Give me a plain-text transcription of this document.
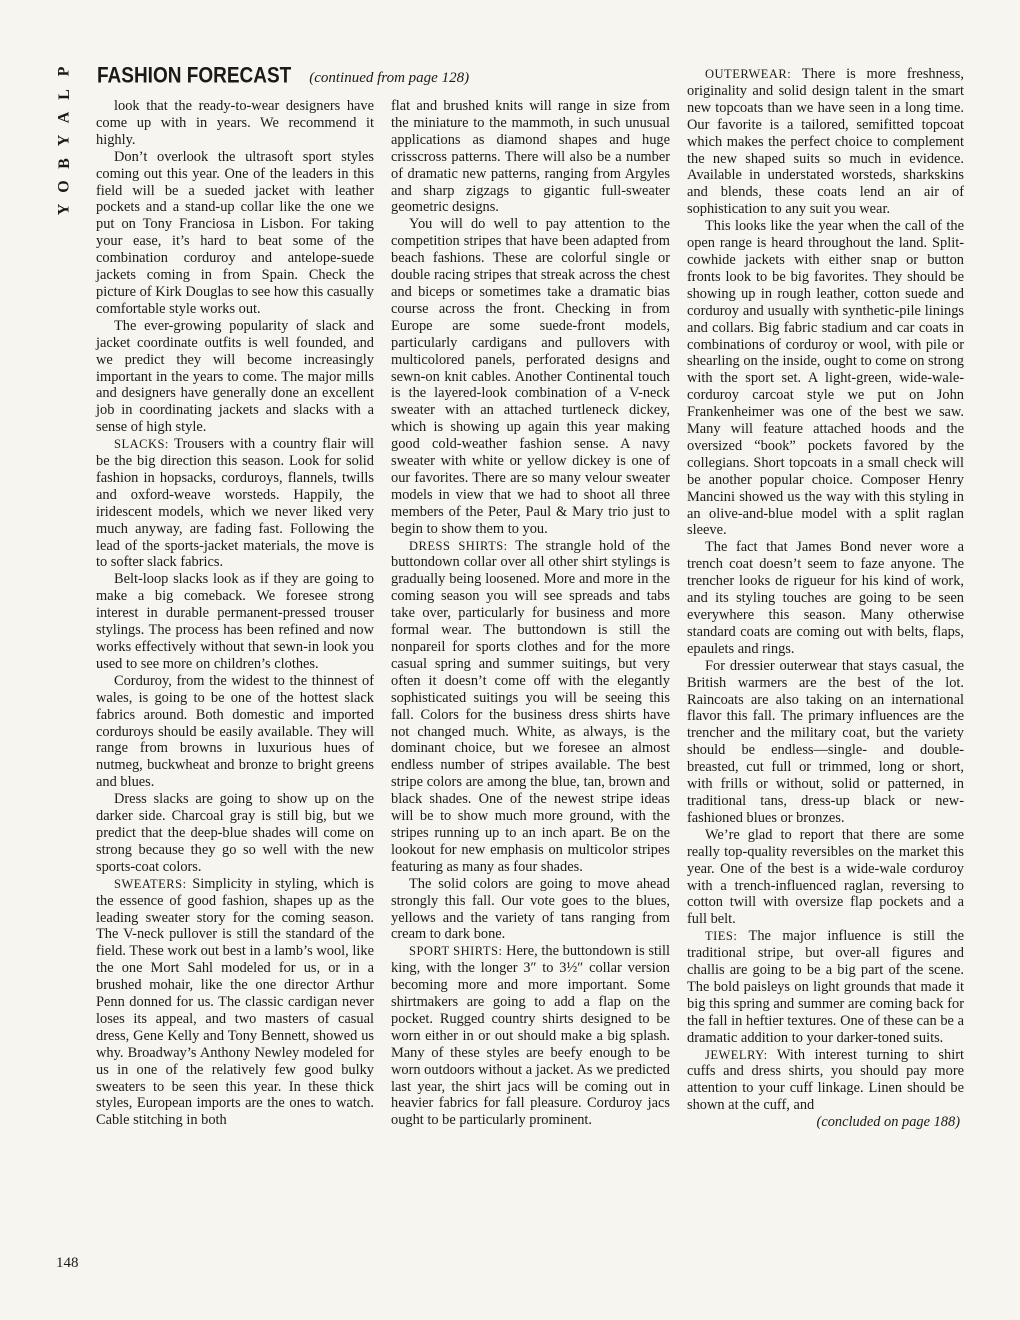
P
L
A
Y
B
O
Y
FASHION FORECAST (continued from page 128)

look that the ready-to-wear designers have come up with in years. We recommend it highly.

Don’t overlook the ultrasoft sport styles coming out this year. One of the leaders in this field will be a sueded jacket with leather pockets and a stand-up collar like the one we put on Tony Franciosa in Lisbon. For taking your ease, it’s hard to beat some of the combination corduroy and antelope-suede jackets coming in from Spain. Check the picture of Kirk Douglas to see how this casually comfortable style works out.

The ever-growing popularity of slack and jacket coordinate outfits is well founded, and we predict they will become increasingly important in the years to come. The major mills and designers have generally done an excellent job in coordinating jackets and slacks with a sense of high style.

SLACKS: Trousers with a country flair will be the big direction this season. Look for solid fashion in hopsacks, corduroys, flannels, twills and oxford-weave worsteds. Happily, the iridescent models, which we never liked very much anyway, are fading fast. Following the lead of the sports-jacket materials, the move is to softer slack fabrics.

Belt-loop slacks look as if they are going to make a big comeback. We foresee strong interest in durable permanent-pressed trouser stylings. The process has been refined and now works effectively without that sewn-in look you used to see more on children’s clothes.

Corduroy, from the widest to the thinnest of wales, is going to be one of the hottest slack fabrics around. Both domestic and imported corduroys should be easily available. They will range from browns in luxurious hues of nutmeg, buckwheat and bronze to bright greens and blues.

Dress slacks are going to show up on the darker side. Charcoal gray is still big, but we predict that the deep-blue shades will come on strong because they go so well with the new sports-coat colors.

SWEATERS: Simplicity in styling, which is the essence of good fashion, shapes up as the leading sweater story for the coming season. The V-neck pullover is still the standard of the field. These work out best in a lamb’s wool, like the one Mort Sahl modeled for us, or in a brushed mohair, like the one director Arthur Penn donned for us. The classic cardigan never loses its appeal, and two masters of casual dress, Gene Kelly and Tony Bennett, showed us why. Broadway’s Anthony Newley modeled for us in one of the relatively few good bulky sweaters to be seen this year. In these thick styles, European imports are the ones to watch. Cable stitching in both

flat and brushed knits will range in size from the miniature to the mammoth, in such unusual applications as diamond shapes and huge crisscross patterns. There will also be a number of dramatic new patterns, ranging from Argyles and sharp zigzags to gigantic full-sweater geometric designs.

You will do well to pay attention to the competition stripes that have been adapted from beach fashions. These are colorful single or double racing stripes that streak across the chest and biceps or sometimes take a dramatic bias course across the front. Checking in from Europe are some suede-front models, particularly cardigans and pullovers with multicolored panels, perforated designs and sewn-on knit cables. Another Continental touch is the layered-look combination of a V-neck sweater with an attached turtleneck dickey, which is showing up again this year making good cold-weather fashion sense. A navy sweater with white or yellow dickey is one of our favorites. There are so many velour sweater models in view that we had to shoot all three members of the Peter, Paul & Mary trio just to begin to show them to you.

DRESS SHIRTS: The strangle hold of the buttondown collar over all other shirt stylings is gradually being loosened. More and more in the coming season you will see spreads and tabs take over, particularly for business and more formal wear. The buttondown is still the nonpareil for sports clothes and for the more casual spring and summer suitings, but very often it doesn’t come off with the elegantly sophisticated suitings you will be seeing this fall. Colors for the business dress shirts have not changed much. White, as always, is the dominant choice, but we foresee an almost endless number of stripes available. The best stripe colors are among the blue, tan, brown and black shades. One of the newest stripe ideas will be to show much more ground, with the stripes running up to an inch apart. Be on the lookout for new emphasis on multicolor stripes featuring as many as four shades.

The solid colors are going to move ahead strongly this fall. Our vote goes to the blues, yellows and the variety of tans ranging from cream to dark bone.

SPORT SHIRTS: Here, the buttondown is still king, with the longer 3″ to 3½″ collar version becoming more and more important. Some shirtmakers are going to add a flap on the pocket. Rugged country shirts designed to be worn either in or out should make a big splash. Many of these styles are beefy enough to be worn outdoors without a jacket. As we predicted last year, the shirt jacs will be coming out in heavier fabrics for fall pleasure. Corduroy jacs ought to be particularly prominent.

OUTERWEAR: There is more freshness, originality and solid design talent in the smart new topcoats than we have seen in a long time. Our favorite is a tailored, semifitted topcoat which makes the perfect choice to complement the new shaped suits so much in evidence. Available in understated worsteds, sharkskins and blends, these coats lend an air of sophistication to any suit you wear.

This looks like the year when the call of the open range is heard throughout the land. Split-cowhide jackets with either snap or button fronts look to be big favorites. They should be showing up in rough leather, cotton suede and corduroy and usually with synthetic-pile linings and collars. Big fabric stadium and car coats in combinations of corduroy or wool, with pile or shearling on the inside, ought to come on strong with the sport set. A light-green, wide-wale-corduroy carcoat style we put on John Frankenheimer was one of the best we saw. Many will feature attached hoods and the oversized “book” pockets favored by the collegians. Short topcoats in a small check will be another popular choice. Composer Henry Mancini showed us the way with this styling in an olive-and-blue model with a split raglan sleeve.

The fact that James Bond never wore a trench coat doesn’t seem to faze anyone. The trencher looks de rigueur for his kind of work, and its styling touches are going to be seen everywhere this season. Many otherwise standard coats are coming out with belts, flaps, epaulets and rings.

For dressier outerwear that stays casual, the British warmers are the best of the lot. Raincoats are also taking on an international flavor this fall. The primary influences are the trencher and the military coat, but the variety should be endless—single- and double-breasted, cut full or trimmed, long or short, with frills or without, solid or patterned, in traditional tans, dress-up black or new-fashioned blues or bronzes.

We’re glad to report that there are some really top-quality reversibles on the market this year. One of the best is a wide-wale corduroy with a trench-influenced raglan, reversing to cotton twill with oversize flap pockets and a full belt.

TIES: The major influence is still the traditional stripe, but over-all figures and challis are going to be a big part of the scene. The bold paisleys on light grounds that made it big this spring and summer are coming back for the fall in heftier textures. One of these can be a dramatic addition to your darker-toned suits.

JEWELRY: With interest turning to shirt cuffs and dress shirts, you should pay more attention to your cuff linkage. Linen should be shown at the cuff, and

(concluded on page 188)

148
